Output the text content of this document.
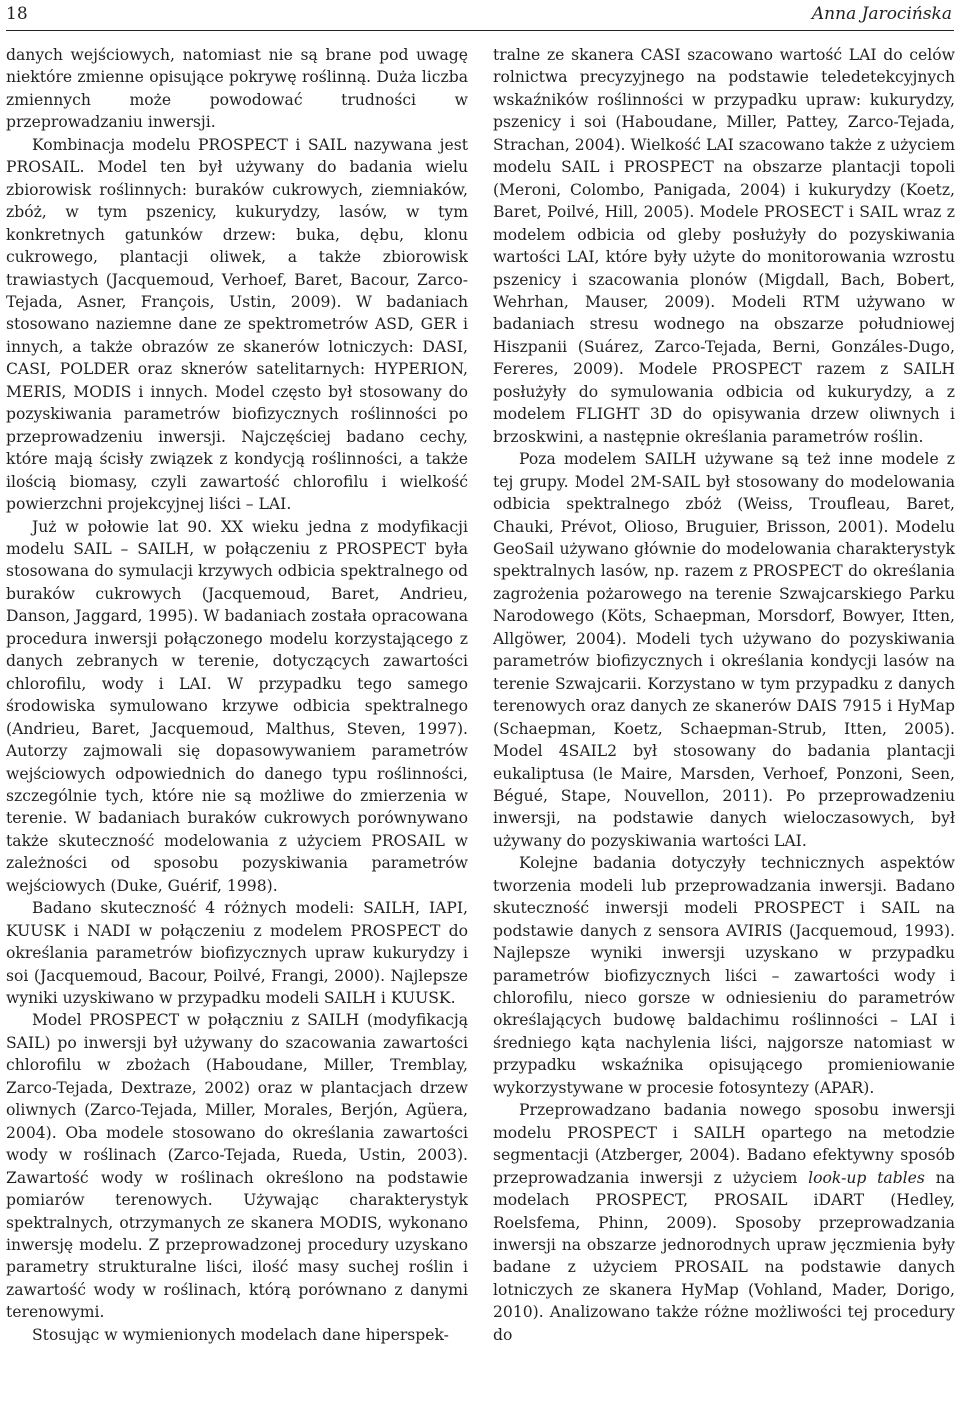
18	Anna Jarocińska

danych wejściowych, natomiast nie są brane pod uwagę niektóre zmienne opisujące pokrywę roślinną. Duża liczba zmiennych może powodować trudności w przeprowadzaniu inwersji.

Kombinacja modelu PROSPECT i SAIL nazywana jest PROSAIL. Model ten był używany do badania wielu zbiorowisk roślinnych: buraków cukrowych, ziemniaków, zbóż, w tym pszenicy, kukurydzy, lasów, w tym konkretnych gatunków drzew: buka, dębu, klonu cukrowego, plantacji oliwek, a także zbiorowisk trawiastych (Jacquemoud, Verhoef, Baret, Bacour, Zarco-Tejada, Asner, François, Ustin, 2009). W badaniach stosowano naziemne dane ze spektrometrów ASD, GER i innych, a także obrazów ze skanerów lotniczych: DASI, CASI, POLDER oraz sknerów satelitarnych: HYPERION, MERIS, MODIS i innych. Model często był stosowany do pozyskiwania parametrów biofizycznych roślinności po przeprowadzeniu inwersji. Najczęściej badano cechy, które mają ścisły związek z kondycją roślinności, a także ilością biomasy, czyli zawartość chlorofilu i wielkość powierzchni projekcyjnej liści – LAI.

Już w połowie lat 90. XX wieku jedna z modyfikacji modelu SAIL – SAILH, w połączeniu z PROSPECT była stosowana do symulacji krzywych odbicia spektralnego od buraków cukrowych (Jacquemoud, Baret, Andrieu, Danson, Jaggard, 1995). W badaniach została opracowana procedura inwersji połączonego modelu korzystającego z danych zebranych w terenie, dotyczących zawartości chlorofilu, wody i LAI. W przypadku tego samego środowiska symulowano krzywe odbicia spektralnego (Andrieu, Baret, Jacquemoud, Malthus, Steven, 1997). Autorzy zajmowali się dopasowywaniem parametrów wejściowych odpowiednich do danego typu roślinności, szczególnie tych, które nie są możliwe do zmierzenia w terenie. W badaniach buraków cukrowych porównywano także skuteczność modelowania z użyciem PROSAIL w zależności od sposobu pozyskiwania parametrów wejściowych (Duke, Guérif, 1998).

Badano skuteczność 4 różnych modeli: SAILH, IAPI, KUUSK i NADI w połączeniu z modelem PROSPECT do określania parametrów biofizycznych upraw kukurydzy i soi (Jacquemoud, Bacour, Poilvé, Frangi, 2000). Najlepsze wyniki uzyskiwano w przypadku modeli SAILH i KUUSK.

Model PROSPECT w połączniu z SAILH (modyfikacją SAIL) po inwersji był używany do szacowania zawartości chlorofilu w zbożach (Haboudane, Miller, Tremblay, Zarco-Tejada, Dextraze, 2002) oraz w plantacjach drzew oliwnych (Zarco-Tejada, Miller, Morales, Berjón, Agüera, 2004). Oba modele stosowano do określania zawartości wody w roślinach (Zarco-Tejada, Rueda, Ustin, 2003). Zawartość wody w roślinach określono na podstawie pomiarów terenowych. Używając charakterystyk spektralnych, otrzymanych ze skanera MODIS, wykonano inwersję modelu. Z przeprowadzonej procedury uzyskano parametry strukturalne liści, ilość masy suchej roślin i zawartość wody w roślinach, którą porównano z danymi terenowymi.

Stosując w wymienionych modelach dane hiperspek-

tralne ze skanera CASI szacowano wartość LAI do celów rolnictwa precyzyjnego na podstawie teledetekcyjnych wskaźników roślinności w przypadku upraw: kukurydzy, pszenicy i soi (Haboudane, Miller, Pattey, Zarco-Tejada, Strachan, 2004). Wielkość LAI szacowano także z użyciem modelu SAIL i PROSPECT na obszarze plantacji topoli (Meroni, Colombo, Panigada, 2004) i kukurydzy (Koetz, Baret, Poilvé, Hill, 2005). Modele PROSECT i SAIL wraz z modelem odbicia od gleby posłużyły do pozyskiwania wartości LAI, które były użyte do monitorowania wzrostu pszenicy i szacowania plonów (Migdall, Bach, Bobert, Wehrhan, Mauser, 2009). Modeli RTM używano w badaniach stresu wodnego na obszarze południowej Hiszpanii (Suárez, Zarco-Tejada, Berni, Gonzáles-Dugo, Fereres, 2009). Modele PROSPECT razem z SAILH posłużyły do symulowania odbicia od kukurydzy, a z modelem FLIGHT 3D do opisywania drzew oliwnych i brzoskwini, a następnie określania parametrów roślin.

Poza modelem SAILH używane są też inne modele z tej grupy. Model 2M-SAIL był stosowany do modelowania odbicia spektralnego zbóż (Weiss, Troufleau, Baret, Chauki, Prévot, Olioso, Bruguier, Brisson, 2001). Modelu GeoSail używano głównie do modelowania charakterystyk spektralnych lasów, np. razem z PROSPECT do określania zagrożenia pożarowego na terenie Szwajcarskiego Parku Narodowego (Köts, Schaepman, Morsdorf, Bowyer, Itten, Allgöwer, 2004). Modeli tych używano do pozyskiwania parametrów biofizycznych i określania kondycji lasów na terenie Szwajcarii. Korzystano w tym przypadku z danych terenowych oraz danych ze skanerów DAIS 7915 i HyMap (Schaepman, Koetz, Schaepman-Strub, Itten, 2005). Model 4SAIL2 był stosowany do badania plantacji eukaliptusa (le Maire, Marsden, Verhoef, Ponzoni, Seen, Bégué, Stape, Nouvellon, 2011). Po przeprowadzeniu inwersji, na podstawie danych wieloczasowych, był używany do pozyskiwania wartości LAI.

Kolejne badania dotyczyły technicznych aspektów tworzenia modeli lub przeprowadzania inwersji. Badano skuteczność inwersji modeli PROSPECT i SAIL na podstawie danych z sensora AVIRIS (Jacquemoud, 1993). Najlepsze wyniki inwersji uzyskano w przypadku parametrów biofizycznych liści – zawartości wody i chlorofilu, nieco gorsze w odniesieniu do parametrów określających budowę baldachimu roślinności – LAI i średniego kąta nachylenia liści, najgorsze natomiast w przypadku wskaźnika opisującego promieniowanie wykorzystywane w procesie fotosyntezy (APAR).

Przeprowadzano badania nowego sposobu inwersji modelu PROSPECT i SAILH opartego na metodzie segmentacji (Atzberger, 2004). Badano efektywny sposób przeprowadzania inwersji z użyciem look-up tables na modelach PROSPECT, PROSAIL iDART (Hedley, Roelsfema, Phinn, 2009). Sposoby przeprowadzania inwersji na obszarze jednorodnych upraw jęczmienia były badane z użyciem PROSAIL na podstawie danych lotniczych ze skanera HyMap (Vohland, Mader, Dorigo, 2010). Analizowano także różne możliwości tej procedury do
